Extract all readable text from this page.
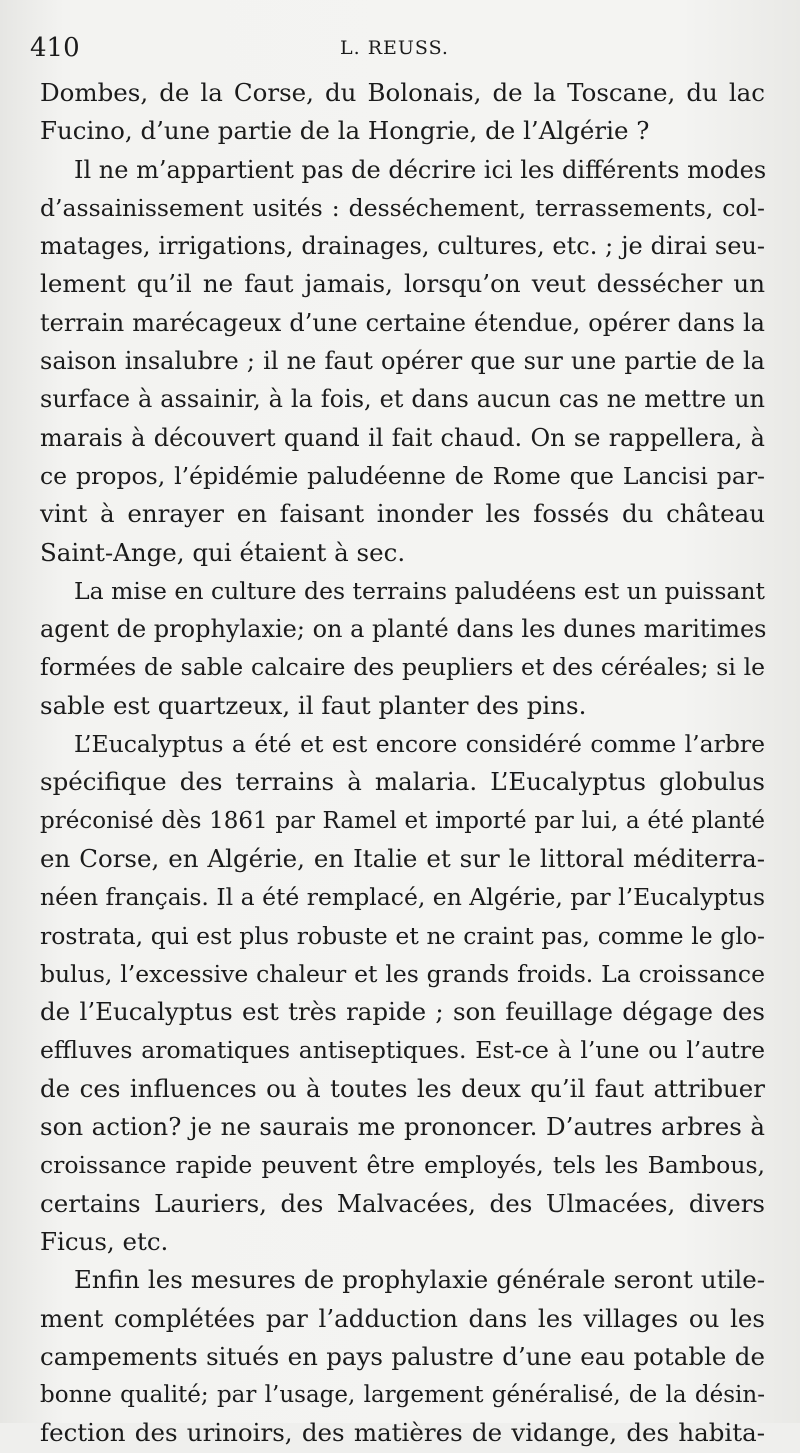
410	L. REUSS.
Dombes, de la Corse, du Bolonais, de la Toscane, du lac
Fucino, d’une partie de la Hongrie, de l’Algérie ?
Il ne m’appartient pas de décrire ici les différents modes
d’assainissement usités : desséchement, terrassements, col-
matages, irrigations, drainages, cultures, etc. ; je dirai seu-
lement qu’il ne faut jamais, lorsqu’on veut dessécher un
terrain marécageux d’une certaine étendue, opérer dans la
saison insalubre ; il ne faut opérer que sur une partie de la
surface à assainir, à la fois, et dans aucun cas ne mettre un
marais à découvert quand il fait chaud. On se rappellera, à
ce propos, l’épidémie paludéenne de Rome que Lancisi par-
vint à enrayer en faisant inonder les fossés du château
Saint-Ange, qui étaient à sec.
La mise en culture des terrains paludéens est un puissant
agent de prophylaxie; on a planté dans les dunes maritimes
formées de sable calcaire des peupliers et des céréales; si le
sable est quartzeux, il faut planter des pins.
L’Eucalyptus a été et est encore considéré comme l’arbre
spécifique des terrains à malaria. L’Eucalyptus globulus
préconisé dès 1861 par Ramel et importé par lui, a été planté
en Corse, en Algérie, en Italie et sur le littoral méditerra-
néen français. Il a été remplacé, en Algérie, par l’Eucalyptus
rostrata, qui est plus robuste et ne craint pas, comme le glo-
bulus, l’excessive chaleur et les grands froids. La croissance
de l’Eucalyptus est très rapide ; son feuillage dégage des
effluves aromatiques antiseptiques. Est-ce à l’une ou l’autre
de ces influences ou à toutes les deux qu’il faut attribuer
son action? je ne saurais me prononcer. D’autres arbres à
croissance rapide peuvent être employés, tels les Bambous,
certains Lauriers, des Malvacées, des Ulmacées, divers
Ficus, etc.
Enfin les mesures de prophylaxie générale seront utile-
ment complétées par l’adduction dans les villages ou les
campements situés en pays palustre d’une eau potable de
bonne qualité; par l’usage, largement généralisé, de la désin-
fection des urinoirs, des matières de vidange, des habita-
